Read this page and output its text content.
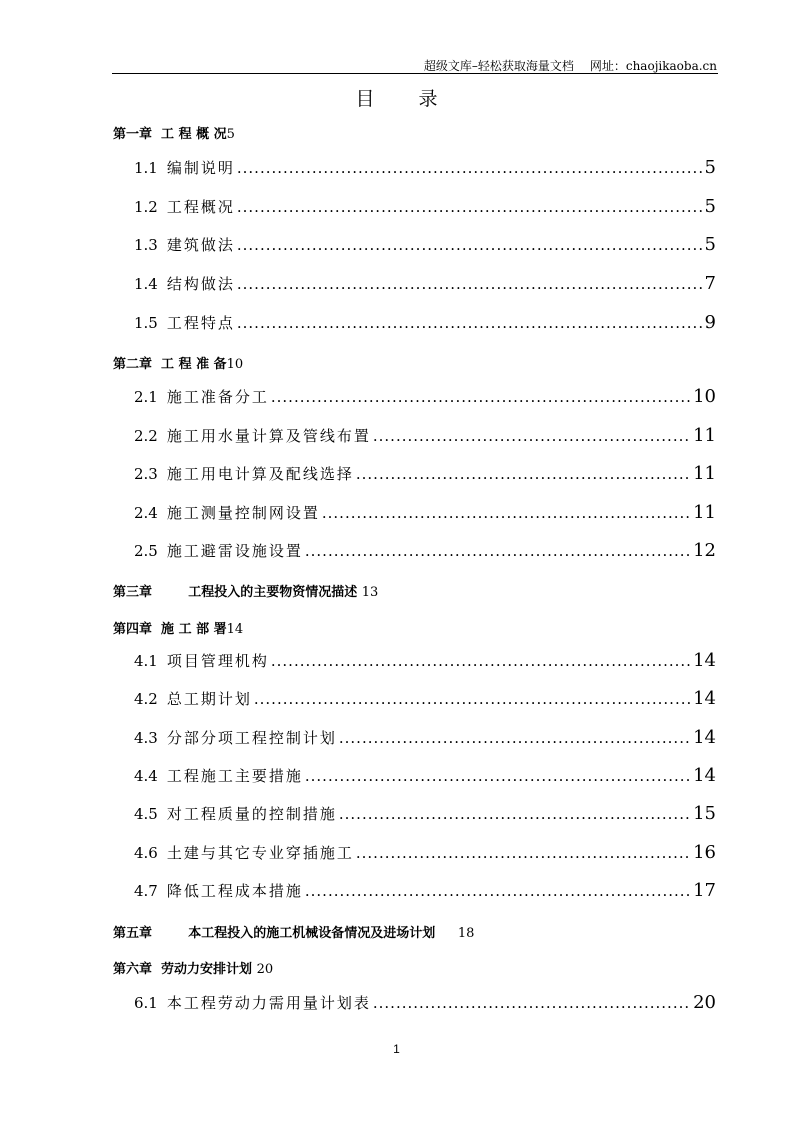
超级文库–轻松获取海量文档 网址：chaojikaoba.cn
目 录
第一章  工 程 概 况5
1.1 编制说明 .....	5
1.2 工程概况 .....	5
1.3 建筑做法 .....	5
1.4 结构做法 .....	7
1.5 工程特点 .....	9
第二章  工 程 准 备10
2.1 施工准备分工 .....	10
2.2 施工用水量计算及管线布置 .....	11
2.3 施工用电计算及配线选择 .....	11
2.4 施工测量控制网设置 .....	11
2.5 施工避雷设施设置 .....	12
第三章        工程投入的主要物资情况描述 13
第四章  施 工 部 署14
4.1 项目管理机构 .....	14
4.2 总工期计划 .....	14
4.3 分部分项工程控制计划 .....	14
4.4 工程施工主要措施 .....	14
4.5 对工程质量的控制措施 .....	15
4.6 土建与其它专业穿插施工 .....	16
4.7 降低工程成本措施 .....	17
第五章        本工程投入的施工机械设备情况及进场计划     18
第六章  劳动力安排计划 20
6.1 本工程劳动力需用量计划表 .....	20
1
